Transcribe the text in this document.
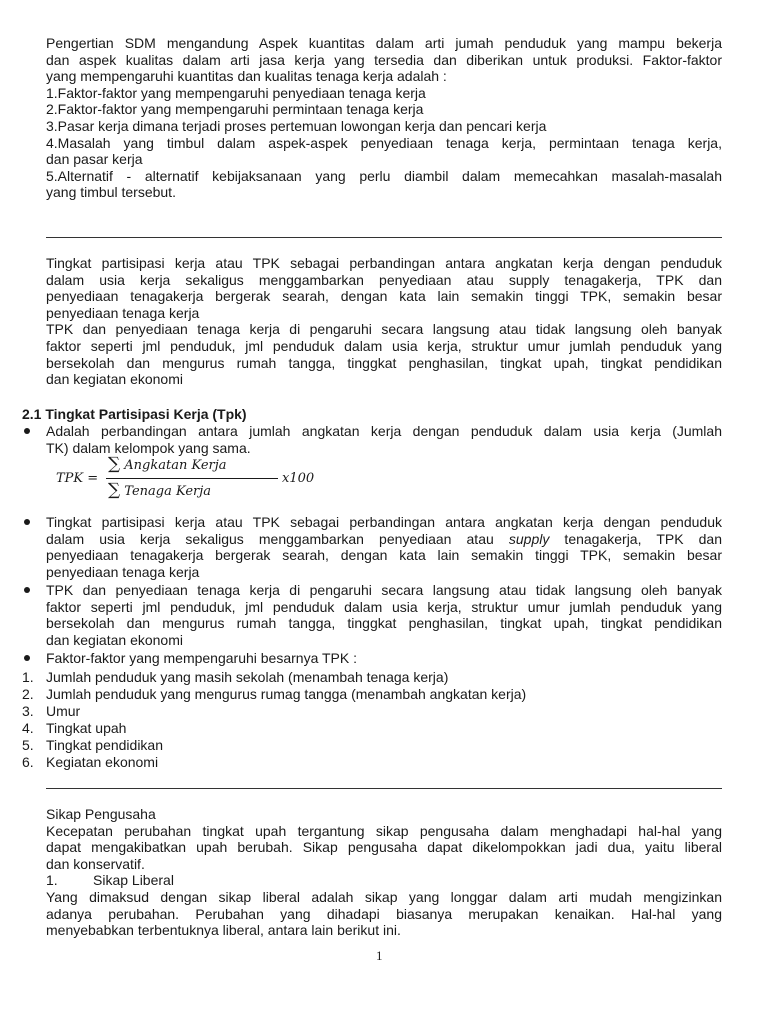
Pengertian SDM mengandung Aspek kuantitas dalam arti jumah penduduk yang mampu bekerja
dan aspek kualitas dalam arti jasa kerja yang tersedia dan diberikan untuk produksi. Faktor-faktor
yang mempengaruhi kuantitas dan kualitas tenaga kerja adalah :
1.Faktor-faktor yang mempengaruhi penyediaan tenaga kerja
2.Faktor-faktor yang mempengaruhi permintaan tenaga kerja
3.Pasar kerja dimana terjadi proses pertemuan lowongan kerja dan pencari kerja
4.Masalah yang timbul dalam aspek-aspek penyediaan tenaga kerja, permintaan tenaga kerja,
dan pasar kerja
5.Alternatif - alternatif kebijaksanaan yang perlu diambil dalam memecahkan masalah-masalah
yang timbul tersebut.
Tingkat partisipasi kerja atau TPK sebagai perbandingan antara angkatan kerja dengan penduduk
dalam usia kerja sekaligus menggambarkan penyediaan atau supply tenagakerja, TPK dan
penyediaan tenagakerja bergerak searah, dengan kata lain semakin tinggi TPK, semakin besar
penyediaan tenaga kerja
TPK dan penyediaan tenaga kerja di pengaruhi secara langsung atau tidak langsung oleh banyak
faktor seperti jml penduduk, jml penduduk dalam usia kerja, struktur umur jumlah penduduk yang
bersekolah dan mengurus rumah tangga, tinggkat penghasilan, tingkat upah, tingkat pendidikan
dan kegiatan ekonomi
2.1 Tingkat Partisipasi Kerja (Tpk)
Adalah perbandingan antara jumlah angkatan kerja dengan penduduk dalam usia kerja (Jumlah
TK) dalam kelompok yang sama.
TPK =
∑ Angkatan Kerja
∑ Tenaga Kerja
x100
Tingkat partisipasi kerja atau TPK sebagai perbandingan antara angkatan kerja dengan penduduk
dalam usia kerja sekaligus menggambarkan penyediaan atau supply tenagakerja, TPK dan
penyediaan tenagakerja bergerak searah, dengan kata lain semakin tinggi TPK, semakin besar
penyediaan tenaga kerja
TPK dan penyediaan tenaga kerja di pengaruhi secara langsung atau tidak langsung oleh banyak
faktor seperti jml penduduk, jml penduduk dalam usia kerja, struktur umur jumlah penduduk yang
bersekolah dan mengurus rumah tangga, tinggkat penghasilan, tingkat upah, tingkat pendidikan
dan kegiatan ekonomi
Faktor-faktor yang mempengaruhi besarnya TPK :
1. Jumlah penduduk yang masih sekolah (menambah tenaga kerja)
2. Jumlah penduduk yang mengurus rumag tangga (menambah angkatan kerja)
3. Umur
4. Tingkat upah
5. Tingkat pendidikan
6. Kegiatan ekonomi
Sikap Pengusaha
Kecepatan perubahan tingkat upah tergantung sikap pengusaha dalam menghadapi hal-hal yang
dapat mengakibatkan upah berubah. Sikap pengusaha dapat dikelompokkan jadi dua, yaitu liberal
dan konservatif.
1.	Sikap Liberal
Yang dimaksud dengan sikap liberal adalah sikap yang longgar dalam arti mudah mengizinkan
adanya perubahan. Perubahan yang dihadapi biasanya merupakan kenaikan. Hal-hal yang
menyebabkan terbentuknya liberal, antara lain berikut ini.
1
